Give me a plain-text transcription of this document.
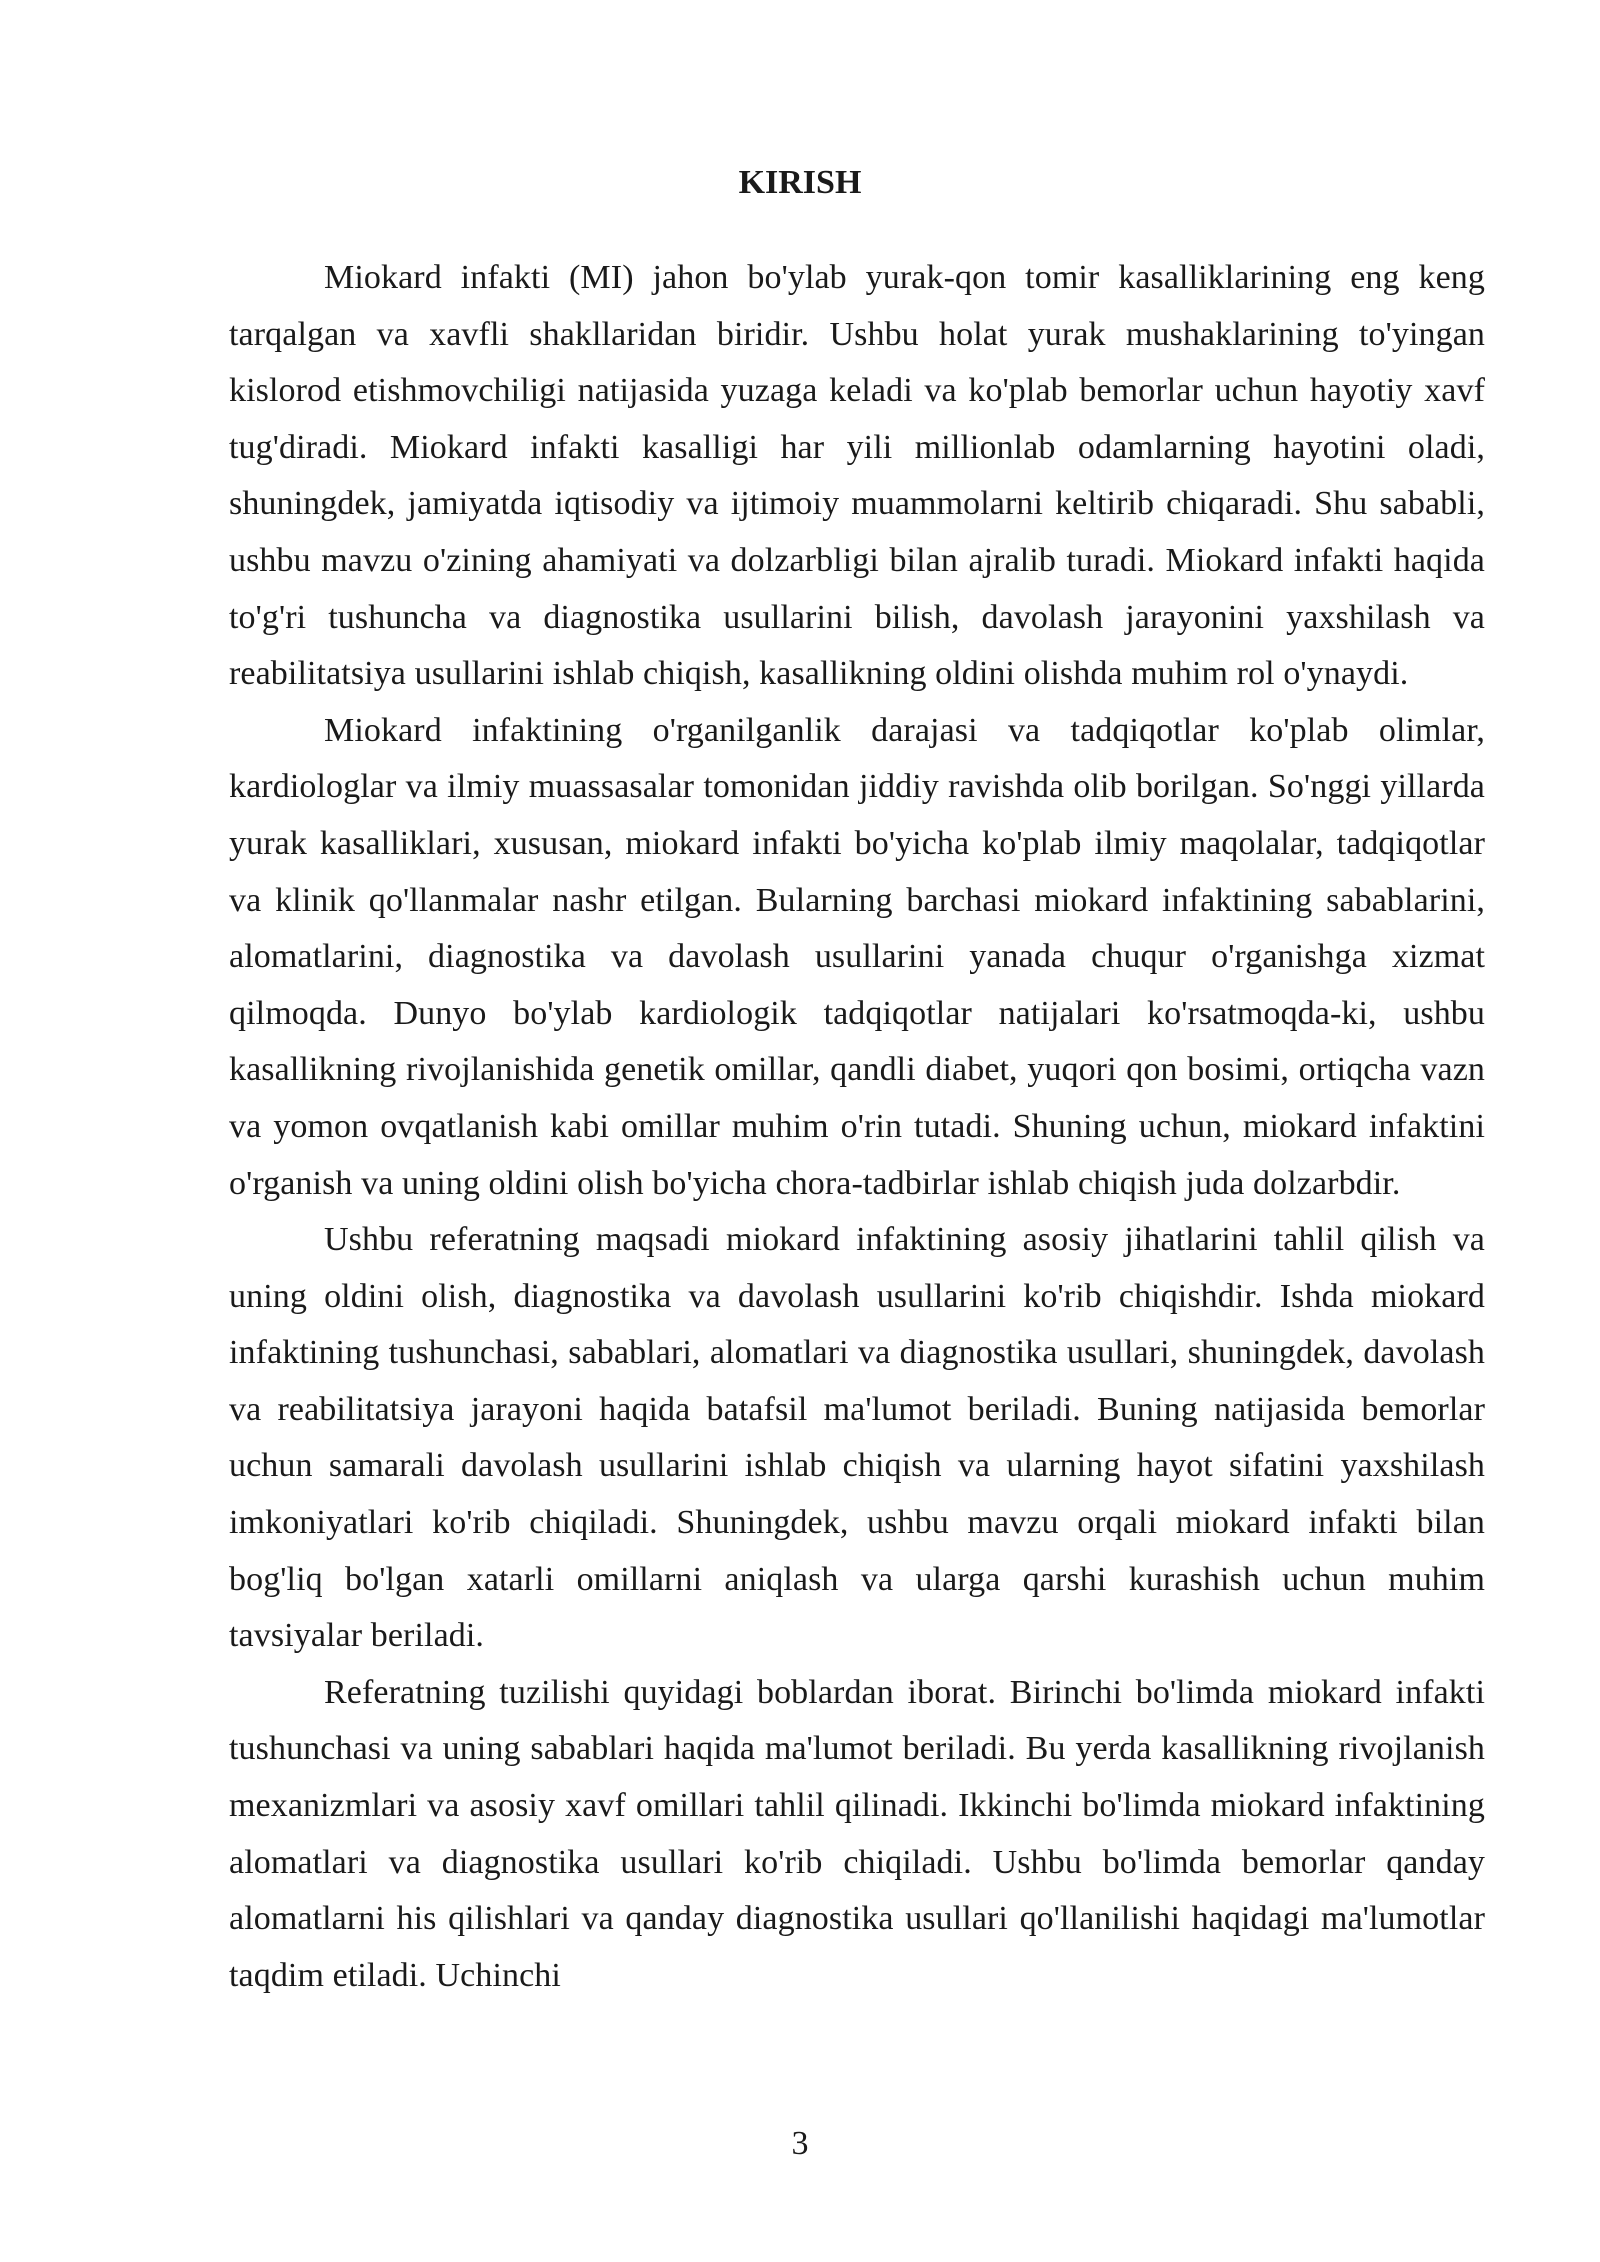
KIRISH

Miokard infakti (MI) jahon bo'ylab yurak-qon tomir kasalliklarining eng keng tarqalgan va xavfli shakllaridan biridir. Ushbu holat yurak mushaklarining to'yingan kislorod etishmovchiligi natijasida yuzaga keladi va ko'plab bemorlar uchun hayotiy xavf tug'diradi. Miokard infakti kasalligi har yili millionlab odamlarning hayotini oladi, shuningdek, jamiyatda iqtisodiy va ijtimoiy muammolarni keltirib chiqaradi. Shu sababli, ushbu mavzu o'zining ahamiyati va dolzarbligi bilan ajralib turadi. Miokard infakti haqida to'g'ri tushuncha va diagnostika usullarini bilish, davolash jarayonini yaxshilash va reabilitatsiya usullarini ishlab chiqish, kasallikning oldini olishda muhim rol o'ynaydi.

Miokard infaktining o'rganilganlik darajasi va tadqiqotlar ko'plab olimlar, kardiologlar va ilmiy muassasalar tomonidan jiddiy ravishda olib borilgan. So'nggi yillarda yurak kasalliklari, xususan, miokard infakti bo'yicha ko'plab ilmiy maqolalar, tadqiqotlar va klinik qo'llanmalar nashr etilgan. Bularning barchasi miokard infaktining sabablarini, alomatlarini, diagnostika va davolash usullarini yanada chuqur o'rganishga xizmat qilmoqda. Dunyo bo'ylab kardiologik tadqiqotlar natijalari ko'rsatmoqda-ki, ushbu kasallikning rivojlanishida genetik omillar, qandli diabet, yuqori qon bosimi, ortiqcha vazn va yomon ovqatlanish kabi omillar muhim o'rin tutadi. Shuning uchun, miokard infaktini o'rganish va uning oldini olish bo'yicha chora-tadbirlar ishlab chiqish juda dolzarbdir.

Ushbu referatning maqsadi miokard infaktining asosiy jihatlarini tahlil qilish va uning oldini olish, diagnostika va davolash usullarini ko'rib chiqishdir. Ishda miokard infaktining tushunchasi, sabablari, alomatlari va diagnostika usullari, shuningdek, davolash va reabilitatsiya jarayoni haqida batafsil ma'lumot beriladi. Buning natijasida bemorlar uchun samarali davolash usullarini ishlab chiqish va ularning hayot sifatini yaxshilash imkoniyatlari ko'rib chiqiladi. Shuningdek, ushbu mavzu orqali miokard infakti bilan bog'liq bo'lgan xatarli omillarni aniqlash va ularga qarshi kurashish uchun muhim tavsiyalar beriladi.

Referatning tuzilishi quyidagi boblardan iborat. Birinchi bo'limda miokard infakti tushunchasi va uning sabablari haqida ma'lumot beriladi. Bu yerda kasallikning rivojlanish mexanizmlari va asosiy xavf omillari tahlil qilinadi. Ikkinchi bo'limda miokard infaktining alomatlari va diagnostika usullari ko'rib chiqiladi. Ushbu bo'limda bemorlar qanday alomatlarni his qilishlari va qanday diagnostika usullari qo'llanilishi haqidagi ma'lumotlar taqdim etiladi. Uchinchi

3
